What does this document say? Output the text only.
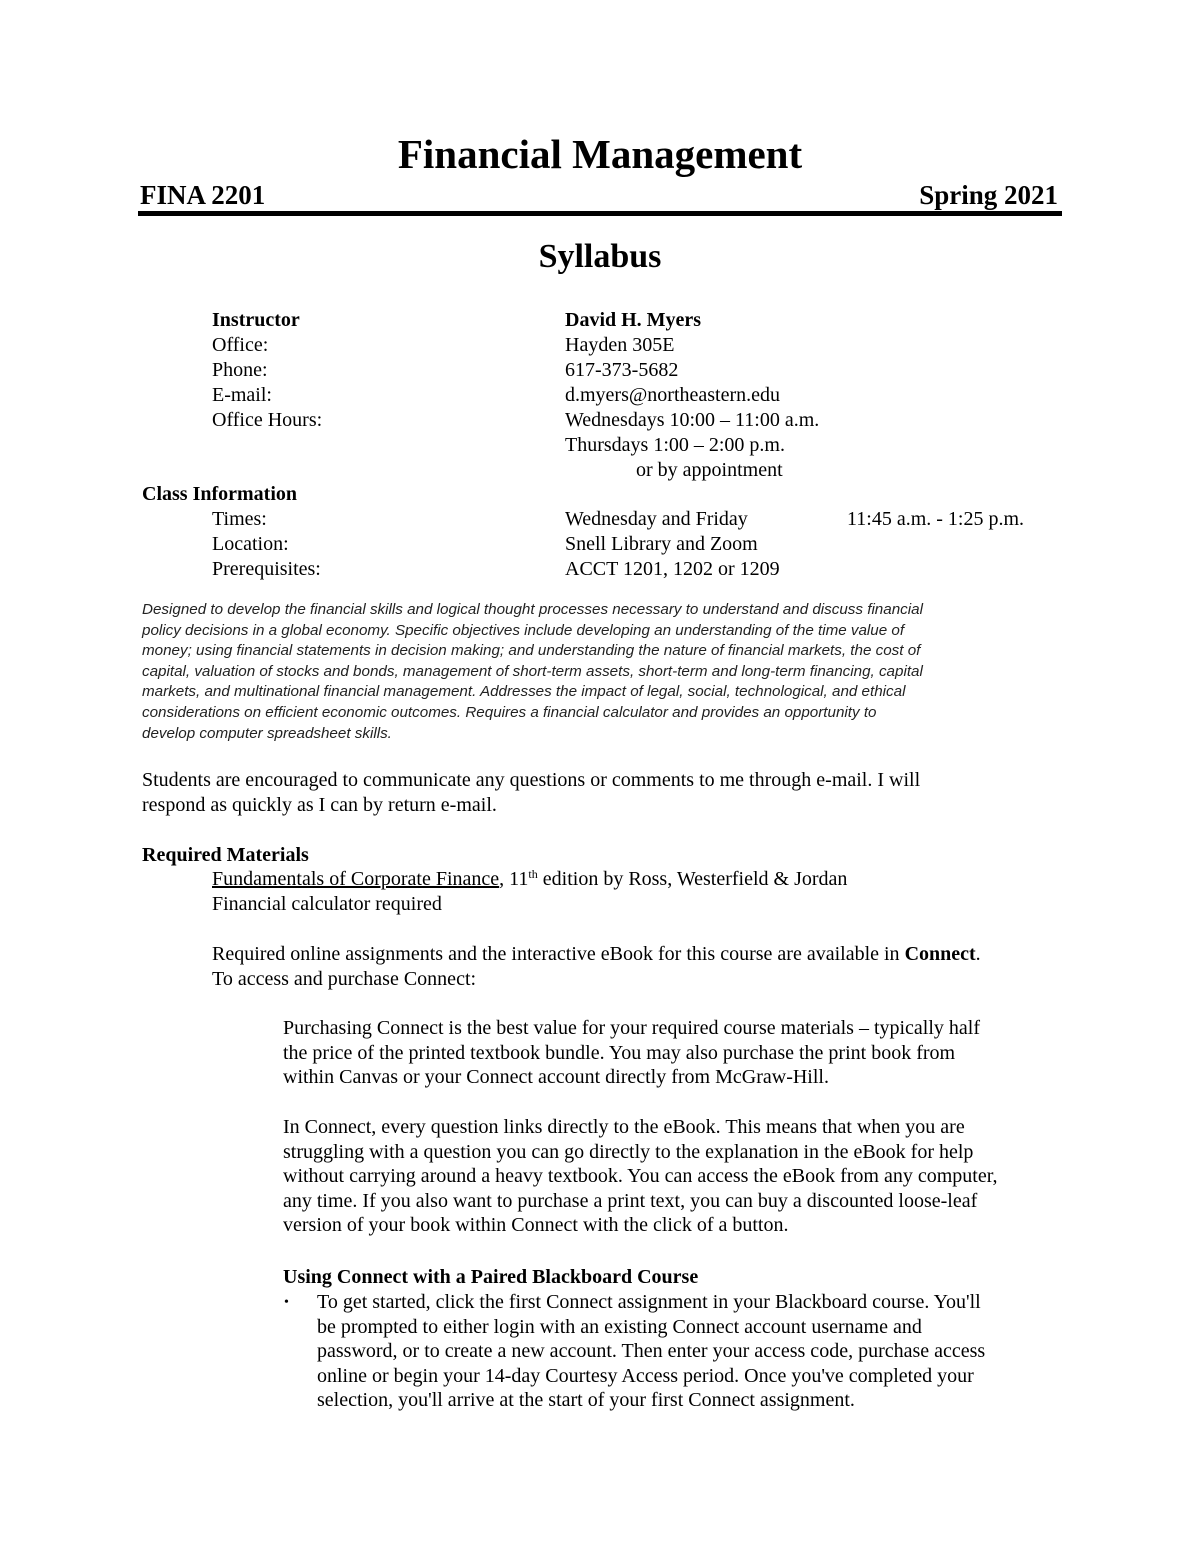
Financial Management
FINA 2201	Spring 2021
Syllabus
Instructor	David H. Myers
Office:	Hayden 305E
Phone:	617-373-5682
E-mail:	d.myers@northeastern.edu
Office Hours:	Wednesdays 10:00 – 11:00 a.m.
Thursdays 1:00 – 2:00 p.m.
or by appointment
Class Information
Times:	Wednesday and Friday	11:45 a.m. - 1:25 p.m.
Location:	Snell Library and Zoom
Prerequisites:	ACCT 1201, 1202 or 1209
Designed to develop the financial skills and logical thought processes necessary to understand and discuss financial
policy decisions in a global economy. Specific objectives include developing an understanding of the time value of
money; using financial statements in decision making; and understanding the nature of financial markets, the cost of
capital, valuation of stocks and bonds, management of short-term assets, short-term and long-term financing, capital
markets, and multinational financial management. Addresses the impact of legal, social, technological, and ethical
considerations on efficient economic outcomes. Requires a financial calculator and provides an opportunity to
develop computer spreadsheet skills.
Students are encouraged to communicate any questions or comments to me through e-mail. I will
respond as quickly as I can by return e-mail.
Required Materials
Fundamentals of Corporate Finance, 11th edition by Ross, Westerfield & Jordan
Financial calculator required
Required online assignments and the interactive eBook for this course are available in Connect.
To access and purchase Connect:
Purchasing Connect is the best value for your required course materials – typically half
the price of the printed textbook bundle. You may also purchase the print book from
within Canvas or your Connect account directly from McGraw-Hill.
In Connect, every question links directly to the eBook. This means that when you are
struggling with a question you can go directly to the explanation in the eBook for help
without carrying around a heavy textbook. You can access the eBook from any computer,
any time. If you also want to purchase a print text, you can buy a discounted loose-leaf
version of your book within Connect with the click of a button.
Using Connect with a Paired Blackboard Course
• To get started, click the first Connect assignment in your Blackboard course. You'll
be prompted to either login with an existing Connect account username and
password, or to create a new account. Then enter your access code, purchase access
online or begin your 14-day Courtesy Access period. Once you've completed your
selection, you'll arrive at the start of your first Connect assignment.
